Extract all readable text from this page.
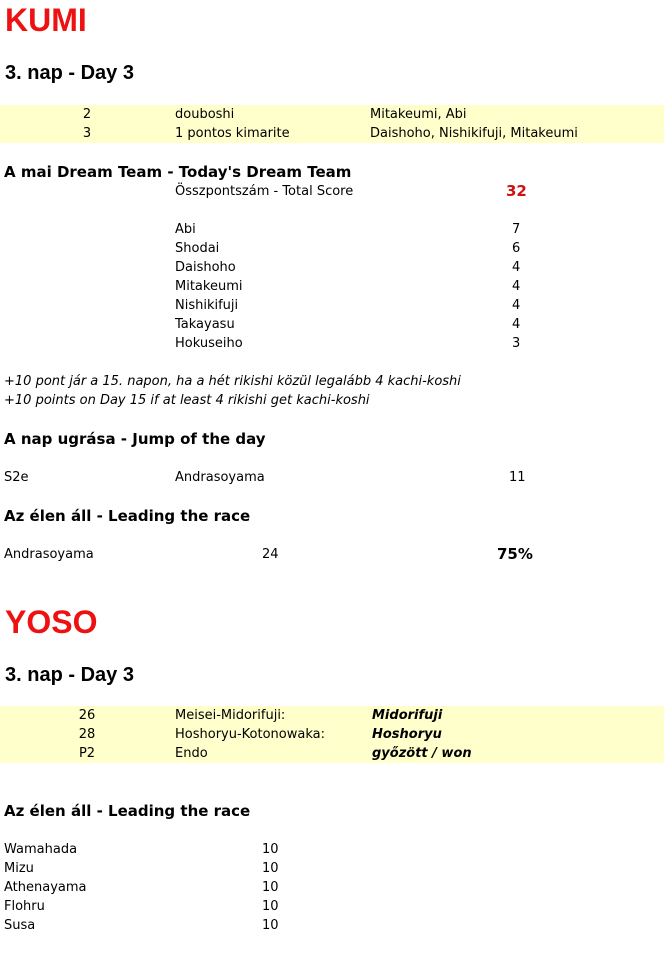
KUMI
3. nap - Day 3
2	douboshi	Mitakeumi, Abi
3	1 pontos kimarite	Daishoho, Nishikifuji, Mitakeumi
A mai Dream Team - Today's Dream Team
Összpontszám - Total Score	32
Abi	7
Shodai	6
Daishoho	4
Mitakeumi	4
Nishikifuji	4
Takayasu	4
Hokuseiho	3
+10 pont jár a 15. napon, ha a hét rikishi közül legalább 4 kachi-koshi
+10 points on Day 15 if at least 4 rikishi get kachi-koshi
A nap ugrása - Jump of the day
S2e	Andrasoyama	11
Az élen áll - Leading the race
Andrasoyama	24	75%
YOSO
3. nap - Day 3
26	Meisei-Midorifuji:	Midorifuji
28	Hoshoryu-Kotonowaka:	Hoshoryu
P2	Endo	győzött / won
Az élen áll - Leading the race
Wamahada	10
Mizu	10
Athenayama	10
Flohru	10
Susa	10
